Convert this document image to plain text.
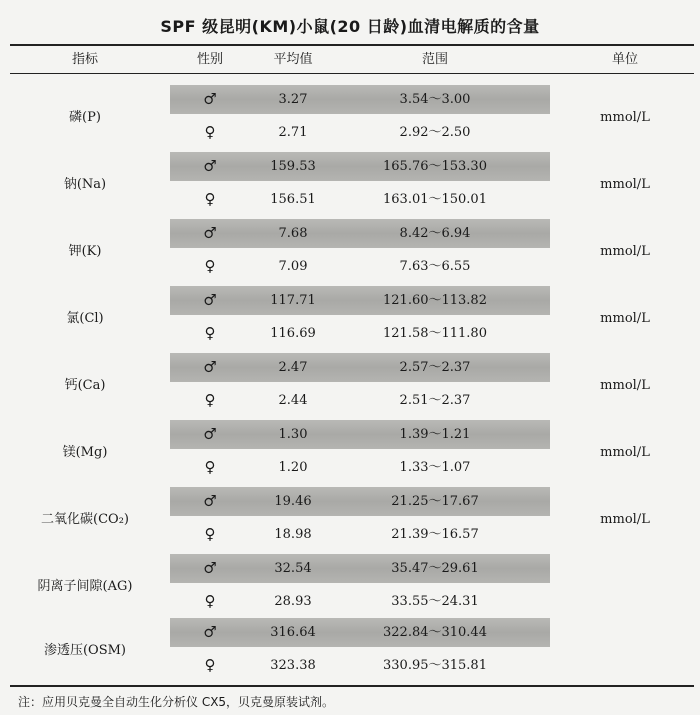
SPF 级昆明(KM)小鼠(20 日龄)血清电解质的含量
指标	性别	平均值	范围	单位
磷(P)
♂	3.27	3.54～3.00
♀	2.71	2.92～2.50
mmol/L
钠(Na)
♂	159.53	165.76～153.30
♀	156.51	163.01～150.01
mmol/L
钾(K)
♂	7.68	8.42～6.94
♀	7.09	7.63～6.55
mmol/L
氯(Cl)
♂	117.71	121.60～113.82
♀	116.69	121.58～111.80
mmol/L
钙(Ca)
♂	2.47	2.57～2.37
♀	2.44	2.51～2.37
mmol/L
镁(Mg)
♂	1.30	1.39～1.21
♀	1.20	1.33～1.07
mmol/L
二氧化碳(CO₂)
♂	19.46	21.25～17.67
♀	18.98	21.39～16.57
mmol/L
阴离子间隙(AG)
♂	32.54	35.47～29.61
♀	28.93	33.55～24.31
渗透压(OSM)
♂	316.64	322.84～310.44
♀	323.38	330.95～315.81
注：应用贝克曼全自动生化分析仪 CX5，贝克曼原装试剂。
